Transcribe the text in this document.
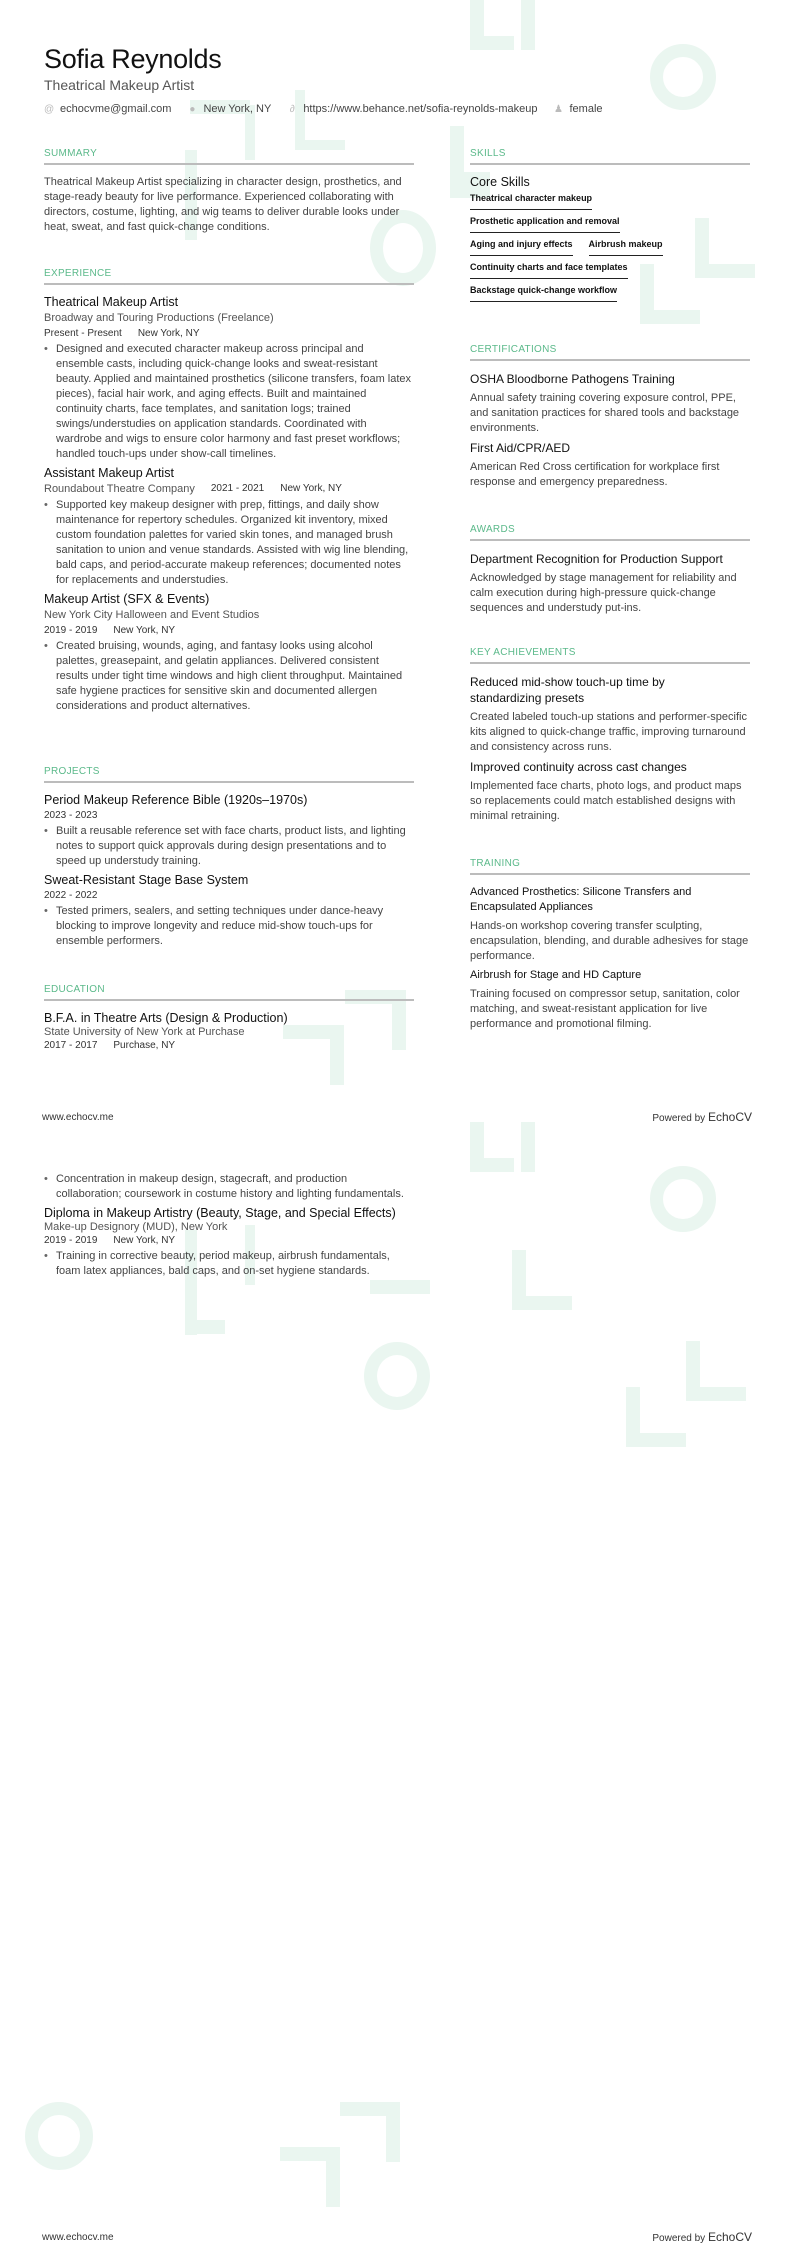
Sofia Reynolds
Theatrical Makeup Artist
@ echocvme@gmail.com ● New York, NY ∂ https://www.behance.net/sofia-reynolds-makeup ♟ female
SUMMARY
Theatrical Makeup Artist specializing in character design, prosthetics, and stage-ready beauty for live performance. Experienced collaborating with directors, costume, lighting, and wig teams to deliver durable looks under heat, sweat, and fast quick-change conditions.
EXPERIENCE
Theatrical Makeup Artist
Broadway and Touring Productions (Freelance)
Present - Present New York, NY
• Designed and executed character makeup across principal and ensemble casts, including quick-change looks and sweat-resistant beauty. Applied and maintained prosthetics (silicone transfers, foam latex pieces), facial hair work, and aging effects. Built and maintained continuity charts, face templates, and sanitation logs; trained swings/understudies on application standards. Coordinated with wardrobe and wigs to ensure color harmony and fast preset workflows; handled touch-ups under show-call timelines.
Assistant Makeup Artist
Roundabout Theatre Company 2021 - 2021 New York, NY
• Supported key makeup designer with prep, fittings, and daily show maintenance for repertory schedules. Organized kit inventory, mixed custom foundation palettes for varied skin tones, and managed brush sanitation to union and venue standards. Assisted with wig line blending, bald caps, and period-accurate makeup references; documented notes for replacements and understudies.
Makeup Artist (SFX & Events)
New York City Halloween and Event Studios
2019 - 2019 New York, NY
• Created bruising, wounds, aging, and fantasy looks using alcohol palettes, greasepaint, and gelatin appliances. Delivered consistent results under tight time windows and high client throughput. Maintained safe hygiene practices for sensitive skin and documented allergen considerations and product alternatives.
PROJECTS
Period Makeup Reference Bible (1920s–1970s)
2023 - 2023
• Built a reusable reference set with face charts, product lists, and lighting notes to support quick approvals during design presentations and to speed up understudy training.
Sweat-Resistant Stage Base System
2022 - 2022
• Tested primers, sealers, and setting techniques under dance-heavy blocking to improve longevity and reduce mid-show touch-ups for ensemble performers.
EDUCATION
B.F.A. in Theatre Arts (Design & Production)
State University of New York at Purchase
2017 - 2017 Purchase, NY
SKILLS
Core Skills
Theatrical character makeup
Prosthetic application and removal
Aging and injury effects Airbrush makeup
Continuity charts and face templates
Backstage quick-change workflow
CERTIFICATIONS
OSHA Bloodborne Pathogens Training
Annual safety training covering exposure control, PPE, and sanitation practices for shared tools and backstage environments.
First Aid/CPR/AED
American Red Cross certification for workplace first response and emergency preparedness.
AWARDS
Department Recognition for Production Support
Acknowledged by stage management for reliability and calm execution during high-pressure quick-change sequences and understudy put-ins.
KEY ACHIEVEMENTS
Reduced mid-show touch-up time by standardizing presets
Created labeled touch-up stations and performer-specific kits aligned to quick-change traffic, improving turnaround and consistency across runs.
Improved continuity across cast changes
Implemented face charts, photo logs, and product maps so replacements could match established designs with minimal retraining.
TRAINING
Advanced Prosthetics: Silicone Transfers and Encapsulated Appliances
Hands-on workshop covering transfer sculpting, encapsulation, blending, and durable adhesives for stage performance.
Airbrush for Stage and HD Capture
Training focused on compressor setup, sanitation, color matching, and sweat-resistant application for live performance and promotional filming.
www.echocv.me	Powered by EchoCV
• Concentration in makeup design, stagecraft, and production collaboration; coursework in costume history and lighting fundamentals.
Diploma in Makeup Artistry (Beauty, Stage, and Special Effects)
Make-up Designory (MUD), New York
2019 - 2019 New York, NY
• Training in corrective beauty, period makeup, airbrush fundamentals, foam latex appliances, bald caps, and on-set hygiene standards.
www.echocv.me	Powered by EchoCV
